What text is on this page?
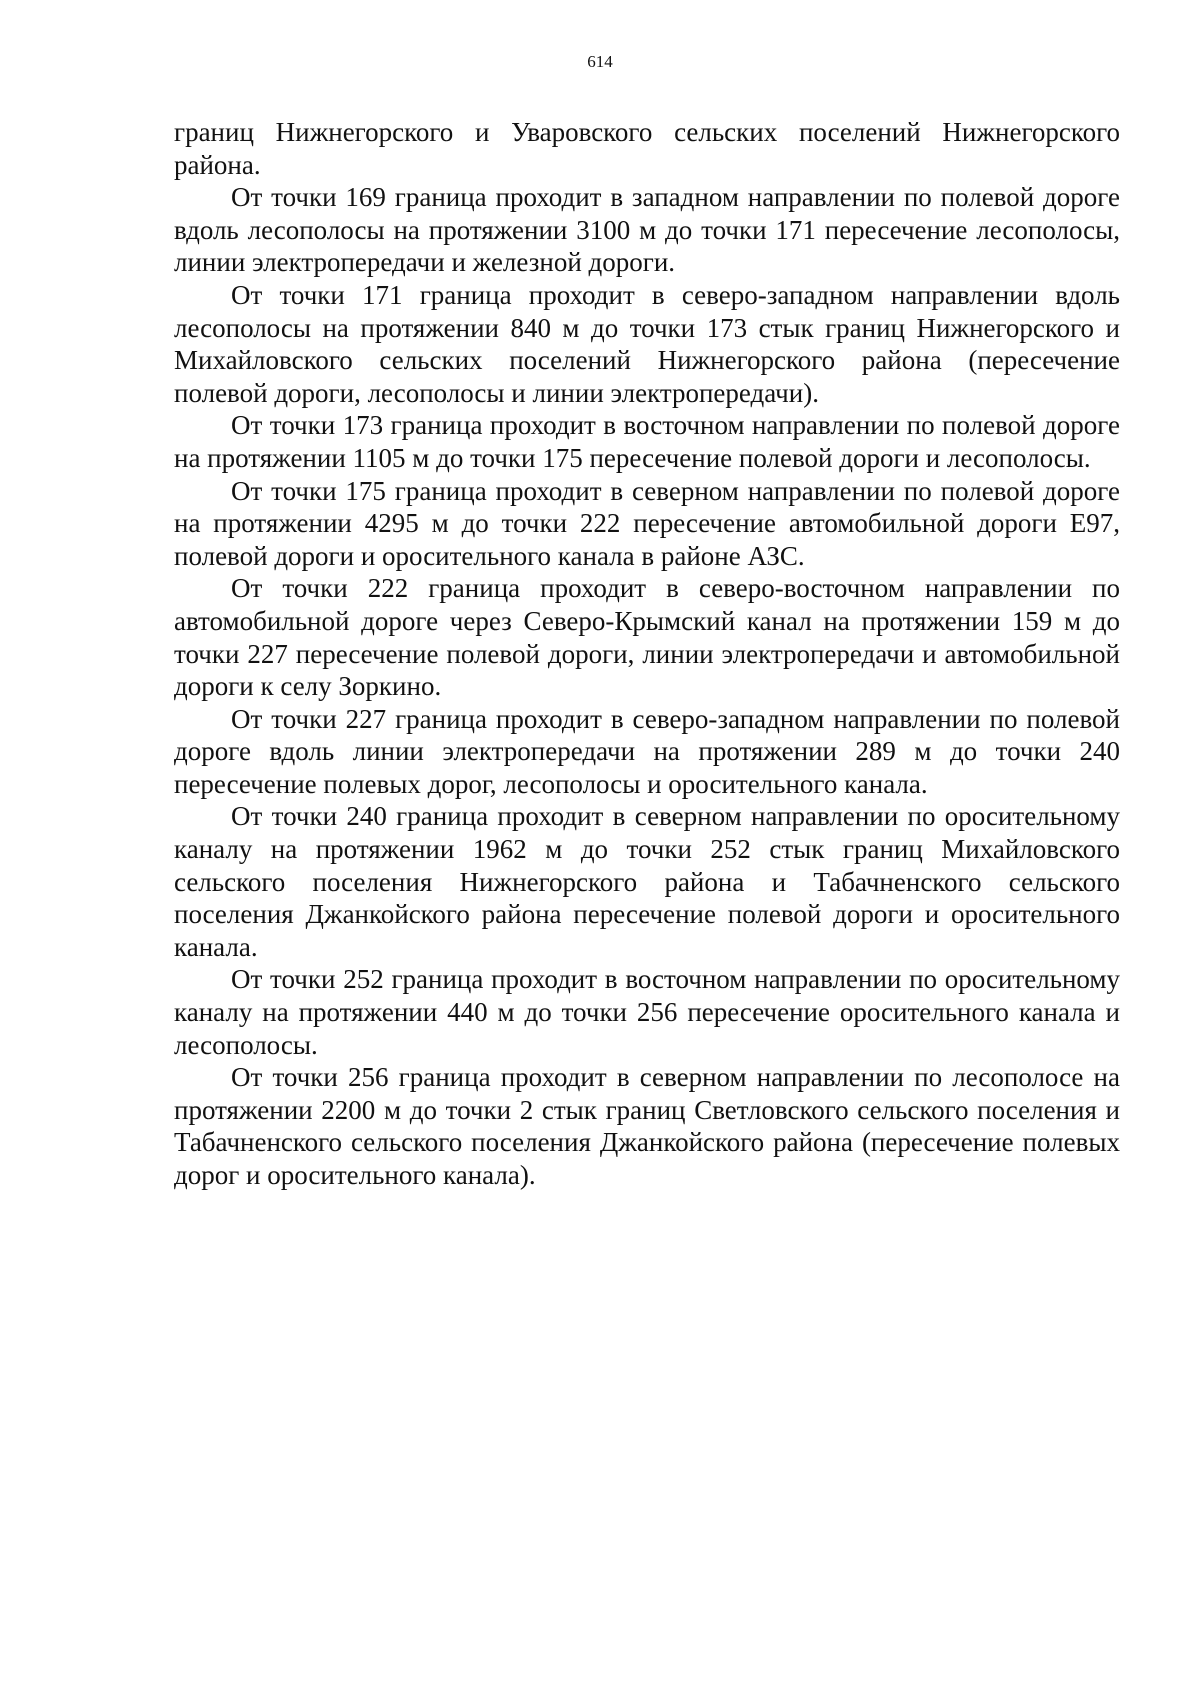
614

границ Нижнегорского и Уваровского сельских поселений Нижнегорского района.

От точки 169 граница проходит в западном направлении по полевой дороге вдоль лесополосы на протяжении 3100 м до точки 171 пересечение лесополосы, линии электропередачи и железной дороги.

От точки 171 граница проходит в северо-западном направлении вдоль лесополосы на протяжении 840 м до точки 173 стык границ Нижнегорского и Михайловского сельских поселений Нижнегорского района (пересечение полевой дороги, лесополосы и линии электропередачи).

От точки 173 граница проходит в восточном направлении по полевой дороге на протяжении 1105 м до точки 175 пересечение полевой дороги и лесополосы.

От точки 175 граница проходит в северном направлении по полевой дороге на протяжении 4295 м до точки 222 пересечение автомобильной дороги Е97, полевой дороги и оросительного канала в районе АЗС.

От точки 222 граница проходит в северо-восточном направлении по автомобильной дороге через Северо-Крымский канал на протяжении 159 м до точки 227 пересечение полевой дороги, линии электропередачи и автомобильной дороги к селу Зоркино.

От точки 227 граница проходит в северо-западном направлении по полевой дороге вдоль линии электропередачи на протяжении 289 м до точки 240 пересечение полевых дорог, лесополосы и оросительного канала.

От точки 240 граница проходит в северном направлении по оросительному каналу на протяжении 1962 м до точки 252 стык границ Михайловского сельского поселения Нижнегорского района и Табачненского сельского поселения Джанкойского района пересечение полевой дороги и оросительного канала.

От точки 252 граница проходит в восточном направлении по оросительному каналу на протяжении 440 м до точки 256 пересечение оросительного канала и лесополосы.

От точки 256 граница проходит в северном направлении по лесополосе на протяжении 2200 м до точки 2 стык границ Светловского сельского поселения и Табачненского сельского поселения Джанкойского района (пересечение полевых дорог и оросительного канала).
